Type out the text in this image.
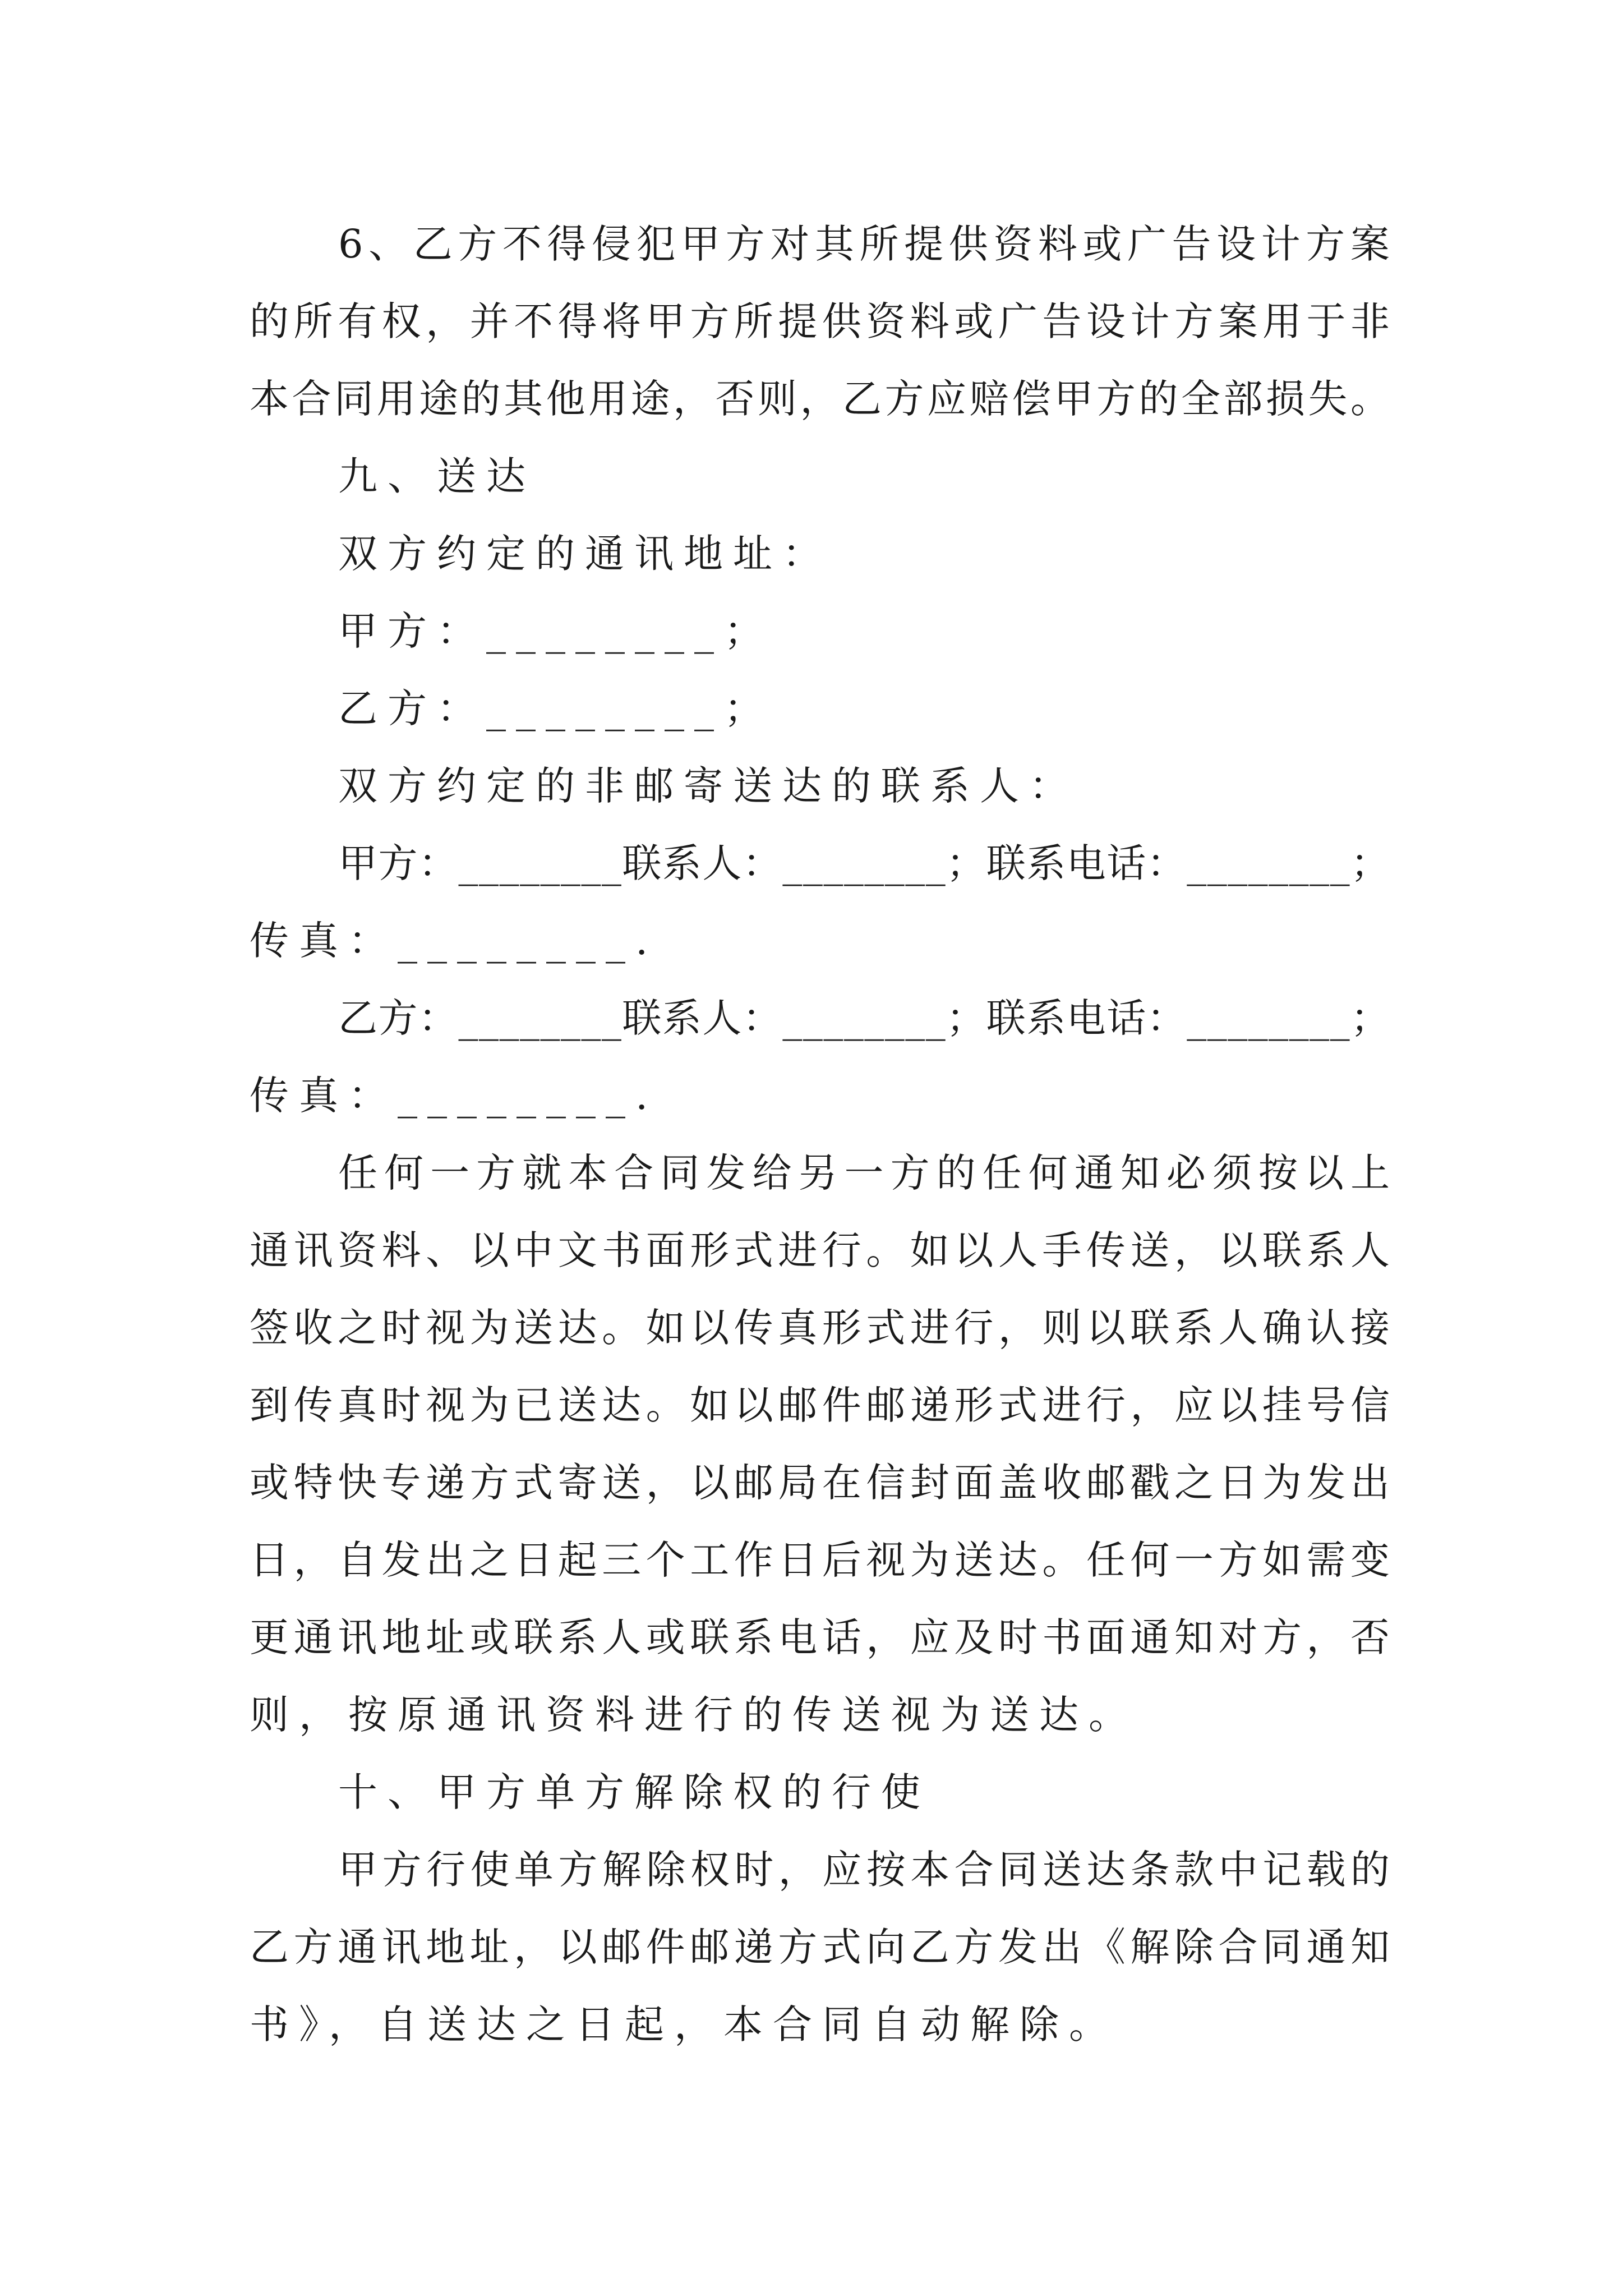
6、乙方不得侵犯甲方对其所提供资料或广告设计方案

的所有权，并不得将甲方所提供资料或广告设计方案用于非

本合同用途的其他用途，否则，乙方应赔偿甲方的全部损失。

九、送达

双方约定的通讯地址：

甲方：________；

乙方：________；

双方约定的非邮寄送达的联系人：

甲方：________联系人：________；联系电话：________；

传真：________.

乙方：________联系人：________；联系电话：________；

传真：________.

任何一方就本合同发给另一方的任何通知必须按以上

通讯资料、以中文书面形式进行。如以人手传送，以联系人

签收之时视为送达。如以传真形式进行，则以联系人确认接

到传真时视为已送达。如以邮件邮递形式进行，应以挂号信

或特快专递方式寄送，以邮局在信封面盖收邮戳之日为发出

日，自发出之日起三个工作日后视为送达。任何一方如需变

更通讯地址或联系人或联系电话，应及时书面通知对方，否

则，按原通讯资料进行的传送视为送达。

十、甲方单方解除权的行使

甲方行使单方解除权时，应按本合同送达条款中记载的

乙方通讯地址，以邮件邮递方式向乙方发出《解除合同通知

书》，自送达之日起，本合同自动解除。
